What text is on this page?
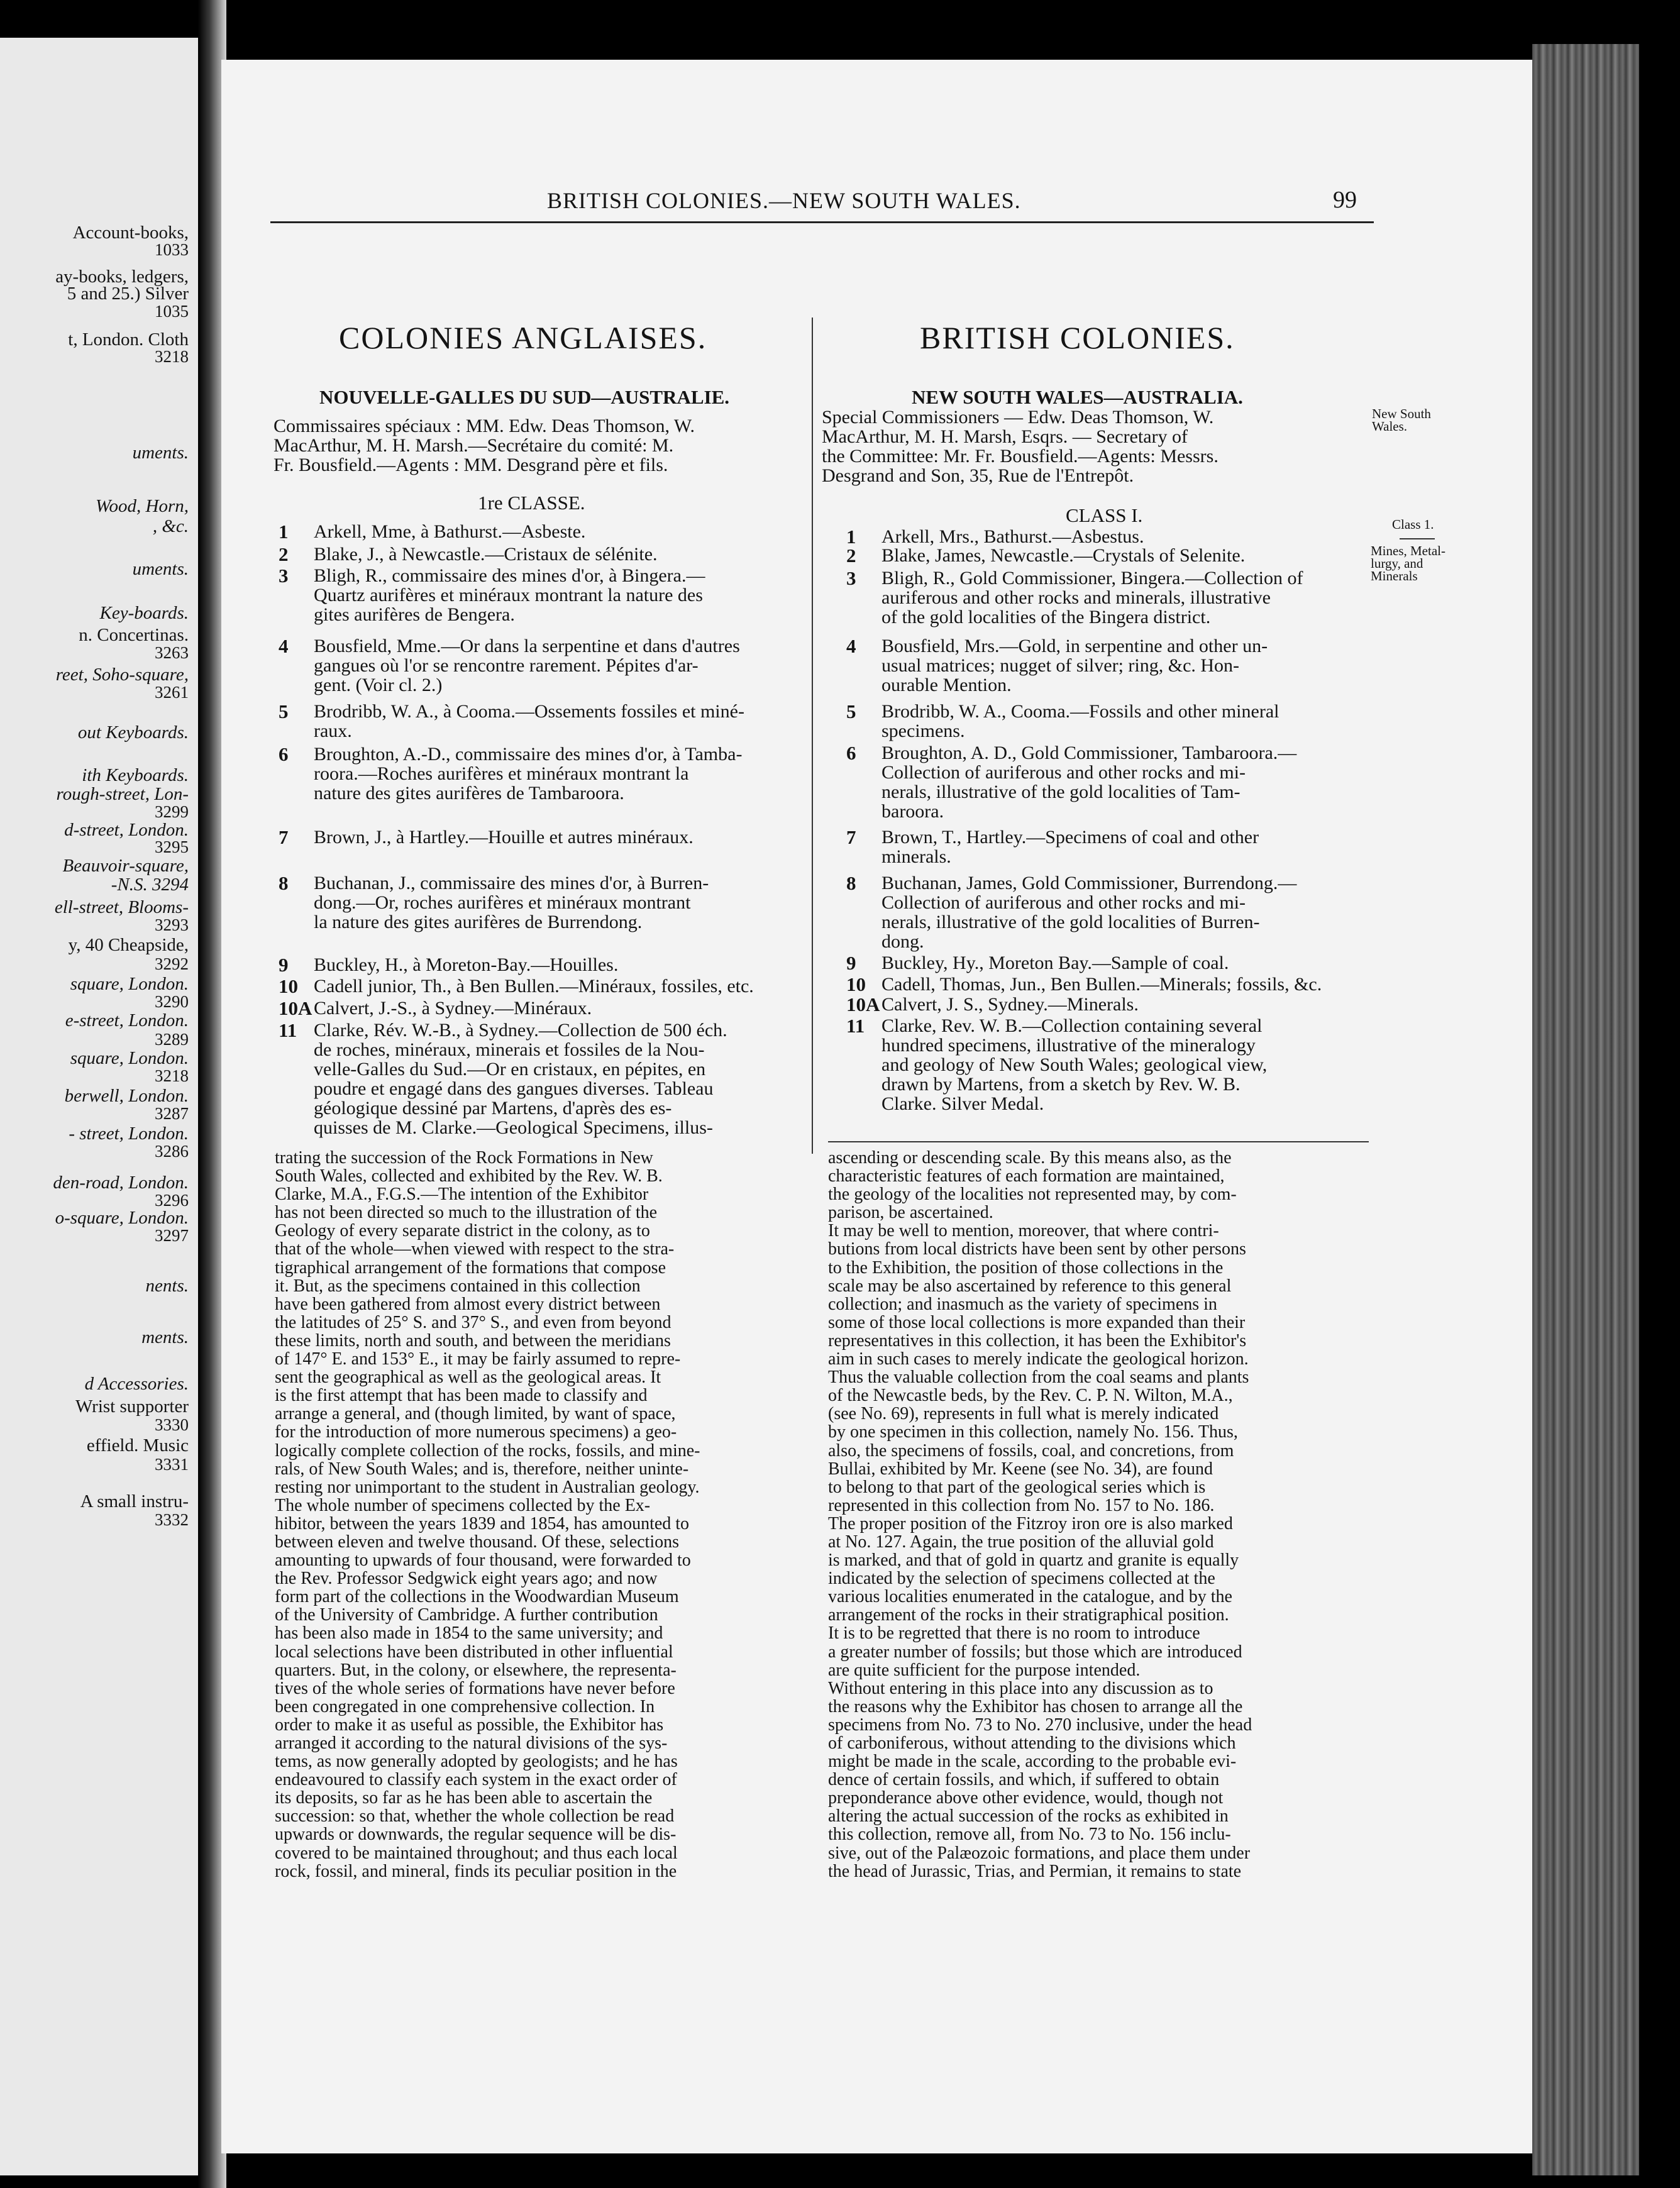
Account-books,
1033
ay-books, ledgers,
5 and 25.) Silver
1035
t, London. Cloth
3218
uments.
Wood, Horn,
, &c.
uments.
Key-boards.
n. Concertinas.
3263
reet, Soho-square,
3261
out Keyboards.
ith Keyboards.
rough-street, Lon-
3299
d-street, London.
3295
Beauvoir-square,
-N.S. 3294
ell-street, Blooms-
3293
y, 40 Cheapside,
3292
square, London.
3290
e-street, London.
3289
square, London.
3218
berwell, London.
3287
- street, London.
3286
den-road, London.
3296
o-square, London.
3297
nents.
ments.
d Accessories.
Wrist supporter
3330
effield. Music
3331
A small instru-
3332
BRITISH COLONIES.—NEW SOUTH WALES.	99
COLONIES ANGLAISES.
NOUVELLE-GALLES DU SUD—AUSTRALIE.
Commissaires spéciaux : MM. Edw. Deas Thomson, W.
MacArthur, M. H. Marsh.—Secrétaire du comité: M.
Fr. Bousfield.—Agents : MM. Desgrand père et fils.
1re CLASSE.
1 Arkell, Mme, à Bathurst.—Asbeste.
2 Blake, J., à Newcastle.—Cristaux de sélénite.
3 Bligh, R., commissaire des mines d'or, à Bingera.—
Quartz aurifères et minéraux montrant la nature des
gites aurifères de Bengera.
4 Bousfield, Mme.—Or dans la serpentine et dans d'autres
gangues où l'or se rencontre rarement. Pépites d'ar-
gent. (Voir cl. 2.)
5 Brodribb, W. A., à Cooma.—Ossements fossiles et miné-
raux.
6 Broughton, A.-D., commissaire des mines d'or, à Tamba-
roora.—Roches aurifères et minéraux montrant la
nature des gites aurifères de Tambaroora.
7 Brown, J., à Hartley.—Houille et autres minéraux.
8 Buchanan, J., commissaire des mines d'or, à Burren-
dong.—Or, roches aurifères et minéraux montrant
la nature des gites aurifères de Burrendong.
9 Buckley, H., à Moreton-Bay.—Houilles.
10 Cadell junior, Th., à Ben Bullen.—Minéraux, fossiles, etc.
10A Calvert, J.-S., à Sydney.—Minéraux.
11 Clarke, Rév. W.-B., à Sydney.—Collection de 500 éch.
de roches, minéraux, minerais et fossiles de la Nou-
velle-Galles du Sud.—Or en cristaux, en pépites, en
poudre et engagé dans des gangues diverses. Tableau
géologique dessiné par Martens, d'après des es-
quisses de M. Clarke.—Geological Specimens, illus-
trating the succession of the Rock Formations in New
South Wales, collected and exhibited by the Rev. W. B.
Clarke, M.A., F.G.S.—The intention of the Exhibitor
has not been directed so much to the illustration of the
Geology of every separate district in the colony, as to
that of the whole—when viewed with respect to the stra-
tigraphical arrangement of the formations that compose
it. But, as the specimens contained in this collection
have been gathered from almost every district between
the latitudes of 25° S. and 37° S., and even from beyond
these limits, north and south, and between the meridians
of 147° E. and 153° E., it may be fairly assumed to repre-
sent the geographical as well as the geological areas. It
is the first attempt that has been made to classify and
arrange a general, and (though limited, by want of space,
for the introduction of more numerous specimens) a geo-
logically complete collection of the rocks, fossils, and mine-
rals, of New South Wales; and is, therefore, neither uninte-
resting nor unimportant to the student in Australian geology.
The whole number of specimens collected by the Ex-
hibitor, between the years 1839 and 1854, has amounted to
between eleven and twelve thousand. Of these, selections
amounting to upwards of four thousand, were forwarded to
the Rev. Professor Sedgwick eight years ago; and now
form part of the collections in the Woodwardian Museum
of the University of Cambridge. A further contribution
has been also made in 1854 to the same university; and
local selections have been distributed in other influential
quarters. But, in the colony, or elsewhere, the representa-
tives of the whole series of formations have never before
been congregated in one comprehensive collection. In
order to make it as useful as possible, the Exhibitor has
arranged it according to the natural divisions of the sys-
tems, as now generally adopted by geologists; and he has
endeavoured to classify each system in the exact order of
its deposits, so far as he has been able to ascertain the
succession: so that, whether the whole collection be read
upwards or downwards, the regular sequence will be dis-
covered to be maintained throughout; and thus each local
rock, fossil, and mineral, finds its peculiar position in the
BRITISH COLONIES.
NEW SOUTH WALES—AUSTRALIA.
Special Commissioners — Edw. Deas Thomson, W.
MacArthur, M. H. Marsh, Esqrs. — Secretary of
the Committee: Mr. Fr. Bousfield.—Agents: Messrs.
Desgrand and Son, 35, Rue de l'Entrepôt.
CLASS I.
1 Arkell, Mrs., Bathurst.—Asbestus.
2 Blake, James, Newcastle.—Crystals of Selenite.
3 Bligh, R., Gold Commissioner, Bingera.—Collection of
auriferous and other rocks and minerals, illustrative
of the gold localities of the Bingera district.
4 Bousfield, Mrs.—Gold, in serpentine and other un-
usual matrices; nugget of silver; ring, &c. Hon-
ourable Mention.
5 Brodribb, W. A., Cooma.—Fossils and other mineral
specimens.
6 Broughton, A. D., Gold Commissioner, Tambaroora.—
Collection of auriferous and other rocks and mi-
nerals, illustrative of the gold localities of Tam-
baroora.
7 Brown, T., Hartley.—Specimens of coal and other
minerals.
8 Buchanan, James, Gold Commissioner, Burrendong.—
Collection of auriferous and other rocks and mi-
nerals, illustrative of the gold localities of Burren-
dong.
9 Buckley, Hy., Moreton Bay.—Sample of coal.
10 Cadell, Thomas, Jun., Ben Bullen.—Minerals; fossils, &c.
10A Calvert, J. S., Sydney.—Minerals.
11 Clarke, Rev. W. B.—Collection containing several
hundred specimens, illustrative of the mineralogy
and geology of New South Wales; geological view,
drawn by Martens, from a sketch by Rev. W. B.
Clarke. Silver Medal.
ascending or descending scale. By this means also, as the
characteristic features of each formation are maintained,
the geology of the localities not represented may, by com-
parison, be ascertained.
It may be well to mention, moreover, that where contri-
butions from local districts have been sent by other persons
to the Exhibition, the position of those collections in the
scale may be also ascertained by reference to this general
collection; and inasmuch as the variety of specimens in
some of those local collections is more expanded than their
representatives in this collection, it has been the Exhibitor's
aim in such cases to merely indicate the geological horizon.
Thus the valuable collection from the coal seams and plants
of the Newcastle beds, by the Rev. C. P. N. Wilton, M.A.,
(see No. 69), represents in full what is merely indicated
by one specimen in this collection, namely No. 156. Thus,
also, the specimens of fossils, coal, and concretions, from
Bullai, exhibited by Mr. Keene (see No. 34), are found
to belong to that part of the geological series which is
represented in this collection from No. 157 to No. 186.
The proper position of the Fitzroy iron ore is also marked
at No. 127. Again, the true position of the alluvial gold
is marked, and that of gold in quartz and granite is equally
indicated by the selection of specimens collected at the
various localities enumerated in the catalogue, and by the
arrangement of the rocks in their stratigraphical position.
It is to be regretted that there is no room to introduce
a greater number of fossils; but those which are introduced
are quite sufficient for the purpose intended.
Without entering in this place into any discussion as to
the reasons why the Exhibitor has chosen to arrange all the
specimens from No. 73 to No. 270 inclusive, under the head
of carboniferous, without attending to the divisions which
might be made in the scale, according to the probable evi-
dence of certain fossils, and which, if suffered to obtain
preponderance above other evidence, would, though not
altering the actual succession of the rocks as exhibited in
this collection, remove all, from No. 73 to No. 156 inclu-
sive, out of the Palæozoic formations, and place them under
the head of Jurassic, Trias, and Permian, it remains to state
New South
Wales.
Class 1.
Mines, Metal-
lurgy, and
Minerals
